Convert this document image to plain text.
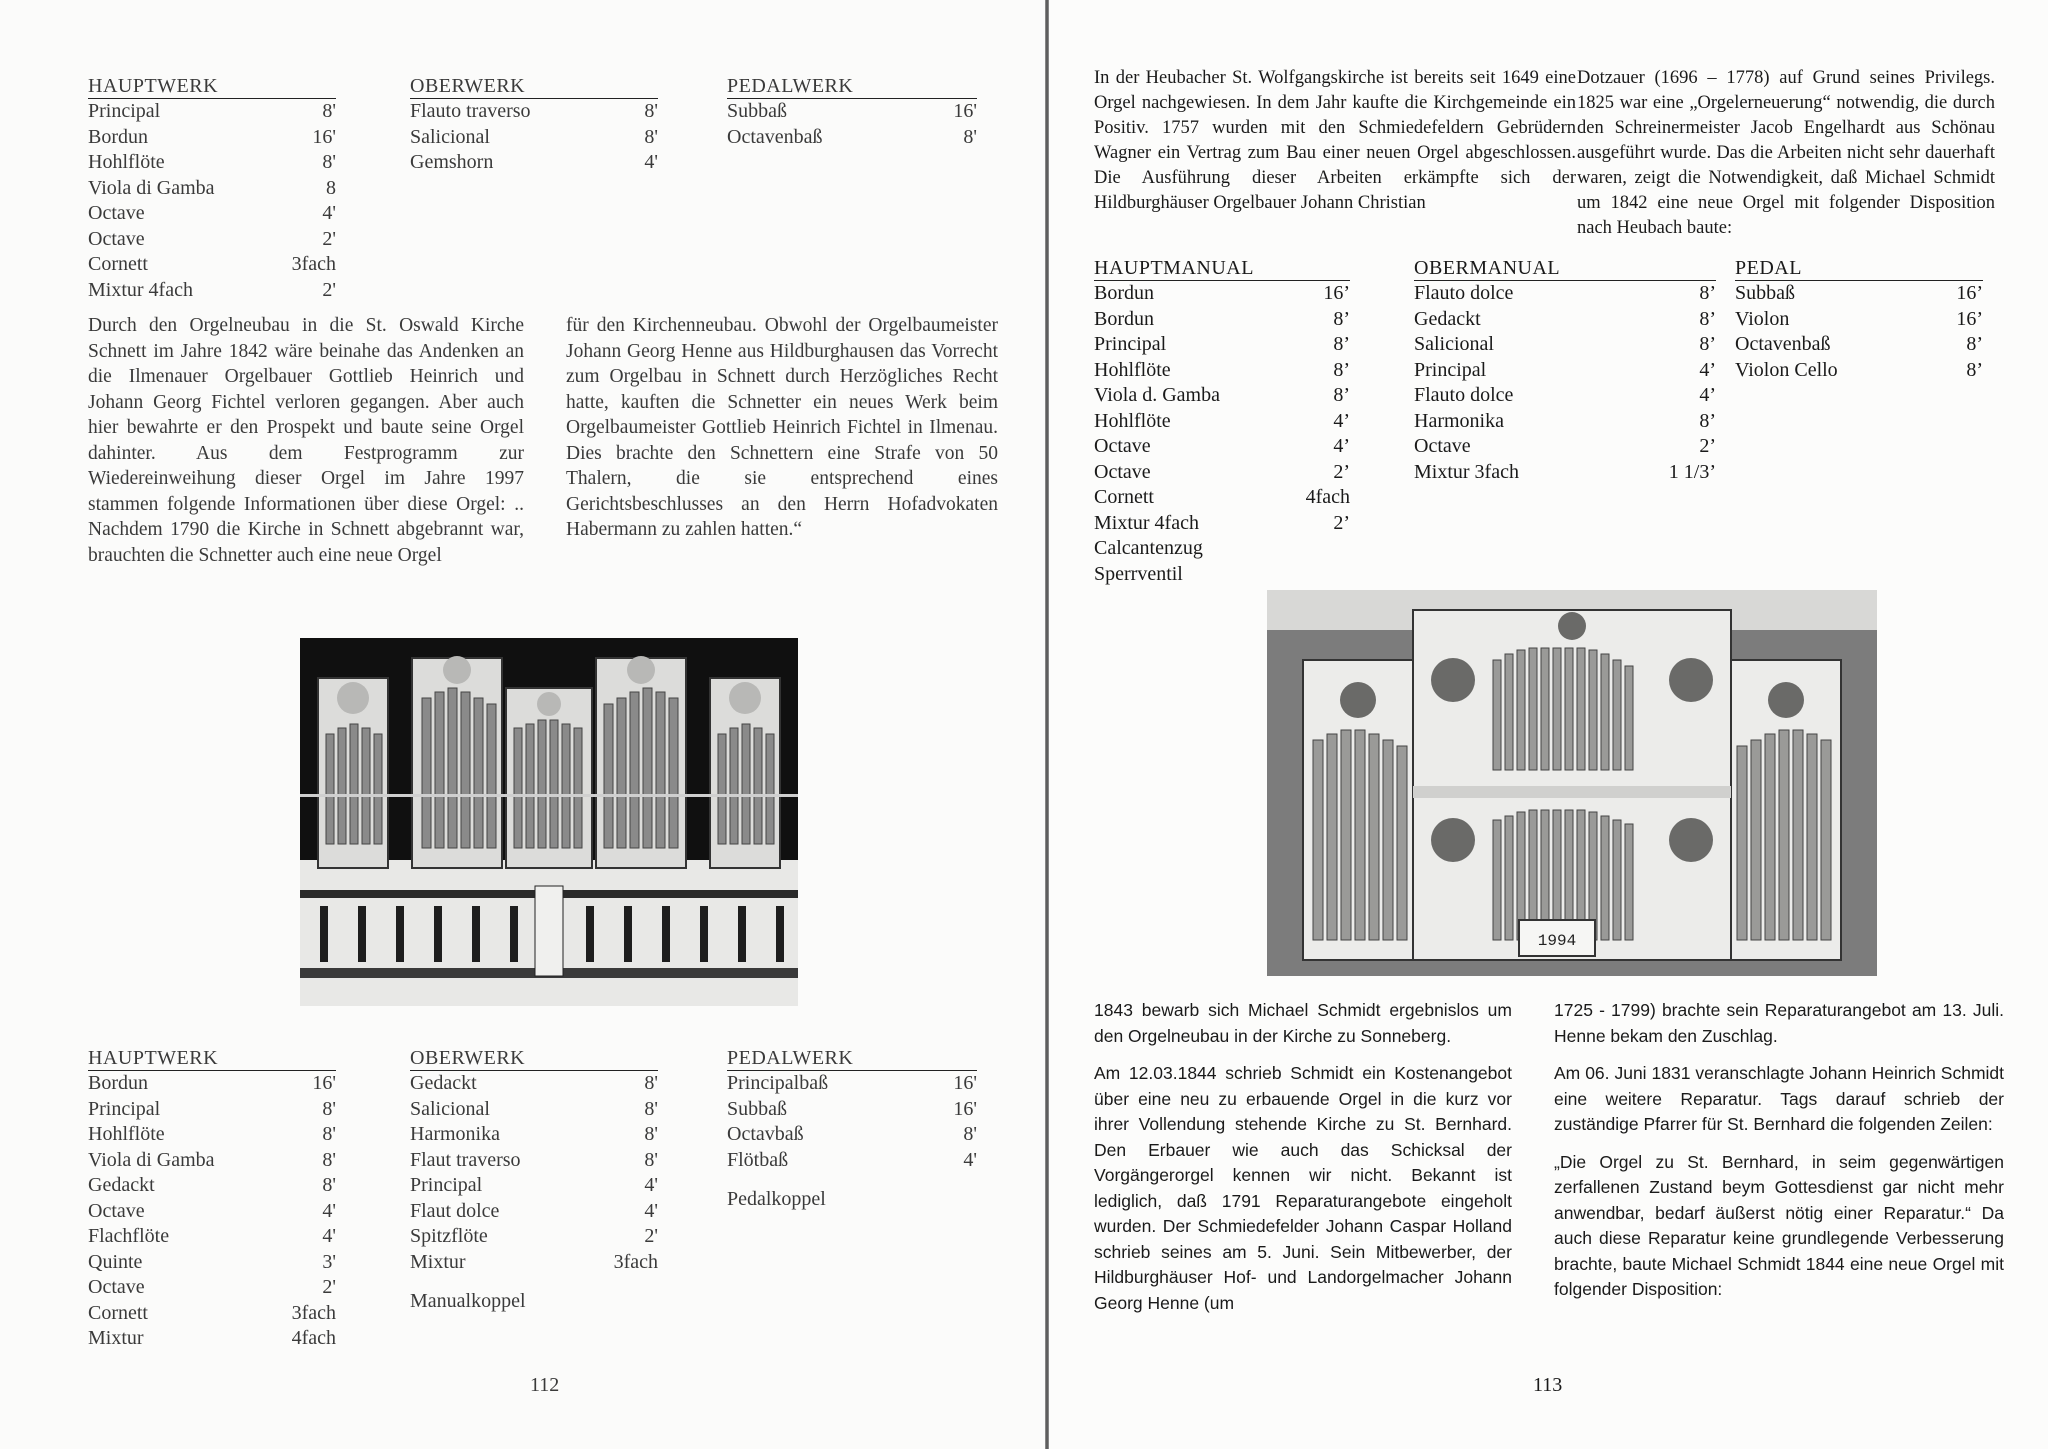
HAUPTWERK
Principal	8'
Bordun	16'
Hohlflöte	8'
Viola di Gamba	8
Octave	4'
Octave	2'
Cornett	3fach
Mixtur 4fach	2'
OBERWERK
Flauto traverso	8'
Salicional	8'
Gemshorn	4'
PEDALWERK
Subbaß	16'
Octavenbaß	8'

Durch den Orgelneubau in die St. Oswald Kirche Schnett im Jahre 1842 wäre beinahe das Andenken an die Ilmenauer Orgelbauer Gottlieb Heinrich und Johann Georg Fichtel verloren gegangen. Aber auch hier bewahrte er den Prospekt und baute seine Orgel dahinter. Aus dem Festprogramm zur Wiedereinweihung dieser Orgel im Jahre 1997 stammen folgende Informationen über diese Orgel: .. Nachdem 1790 die Kirche in Schnett abgebrannt war, brauchten die Schnetter auch eine neue Orgel

für den Kirchenneubau. Obwohl der Orgelbaumeister Johann Georg Henne aus Hildburghausen das Vorrecht zum Orgelbau in Schnett durch Herzögliches Recht hatte, kauften die Schnetter ein neues Werk beim Orgelbaumeister Gottlieb Heinrich Fichtel in Ilmenau. Dies brachte den Schnettern eine Strafe von 50 Thalern, die sie entsprechend eines Gerichtsbeschlusses an den Herrn Hofadvokaten Habermann zu zahlen hatten.“

HAUPTWERK
Bordun	16'
Principal	8'
Hohlflöte	8'
Viola di Gamba	8'
Gedackt	8'
Octave	4'
Flachflöte	4'
Quinte	3'
Octave	2'
Cornett	3fach
Mixtur	4fach
OBERWERK
Gedackt	8'
Salicional	8'
Harmonika	8'
Flaut traverso	8'
Principal	4'
Flaut dolce	4'
Spitzflöte	2'
Mixtur	3fach
Manualkoppel
PEDALWERK
Principalbaß	16'
Subbaß	16'
Octavbaß	8'
Flötbaß	4'
Pedalkoppel
112

In der Heubacher St. Wolfgangskirche ist bereits seit 1649 eine Orgel nachgewiesen. In dem Jahr kaufte die Kirchgemeinde ein Positiv. 1757 wurden mit den Schmiedefeldern Gebrüdern Wagner ein Vertrag zum Bau einer neuen Orgel abgeschlossen. Die Ausführung dieser Arbeiten erkämpfte sich der Hildburghäuser Orgelbauer Johann Christian

Dotzauer (1696 – 1778) auf Grund seines Privilegs. 1825 war eine „Orgelerneuerung“ notwendig, die durch den Schreinermeister Jacob Engelhardt aus Schönau ausgeführt wurde. Das die Arbeiten nicht sehr dauerhaft waren, zeigt die Notwendigkeit, daß Michael Schmidt um 1842 eine neue Orgel mit folgender Disposition nach Heubach baute:

HAUPTMANUAL
Bordun	16’
Bordun	8’
Principal	8’
Hohlflöte	8’
Viola d. Gamba	8’
Hohlflöte	4’
Octave	4’
Octave	2’
Cornett	4fach
Mixtur 4fach	2’
Calcantenzug
Sperrventil
OBERMANUAL
Flauto dolce	8’
Gedackt	8’
Salicional	8’
Principal	4’
Flauto dolce	4’
Harmonika	8’
Octave	2’
Mixtur 3fach	1 1/3’
PEDAL
Subbaß	16’
Violon	16’
Octavenbaß	8’
Violon Cello	8’
1994

1843 bewarb sich Michael Schmidt ergebnislos um den Orgelneubau in der Kirche zu Sonneberg.

Am 12.03.1844 schrieb Schmidt ein Kostenangebot über eine neu zu erbauende Orgel in die kurz vor ihrer Vollendung stehende Kirche zu St. Bernhard. Den Erbauer wie auch das Schicksal der Vorgängerorgel kennen wir nicht. Bekannt ist lediglich, daß 1791 Reparaturangebote eingeholt wurden. Der Schmiedefelder Johann Caspar Holland schrieb seines am 5. Juni. Sein Mitbewerber, der Hildburghäuser Hof- und Landorgelmacher Johann Georg Henne (um

1725 - 1799) brachte sein Reparaturangebot am 13. Juli. Henne bekam den Zuschlag.

Am 06. Juni 1831 veranschlagte Johann Heinrich Schmidt eine weitere Reparatur. Tags darauf schrieb der zuständige Pfarrer für St. Bernhard die folgenden Zeilen:

„Die Orgel zu St. Bernhard, in seim gegenwärtigen zerfallenen Zustand beym Gottesdienst gar nicht mehr anwendbar, bedarf äußerst nötig einer Reparatur.“ Da auch diese Reparatur keine grundlegende Verbesserung brachte, baute Michael Schmidt 1844 eine neue Orgel mit folgender Disposition:

113
